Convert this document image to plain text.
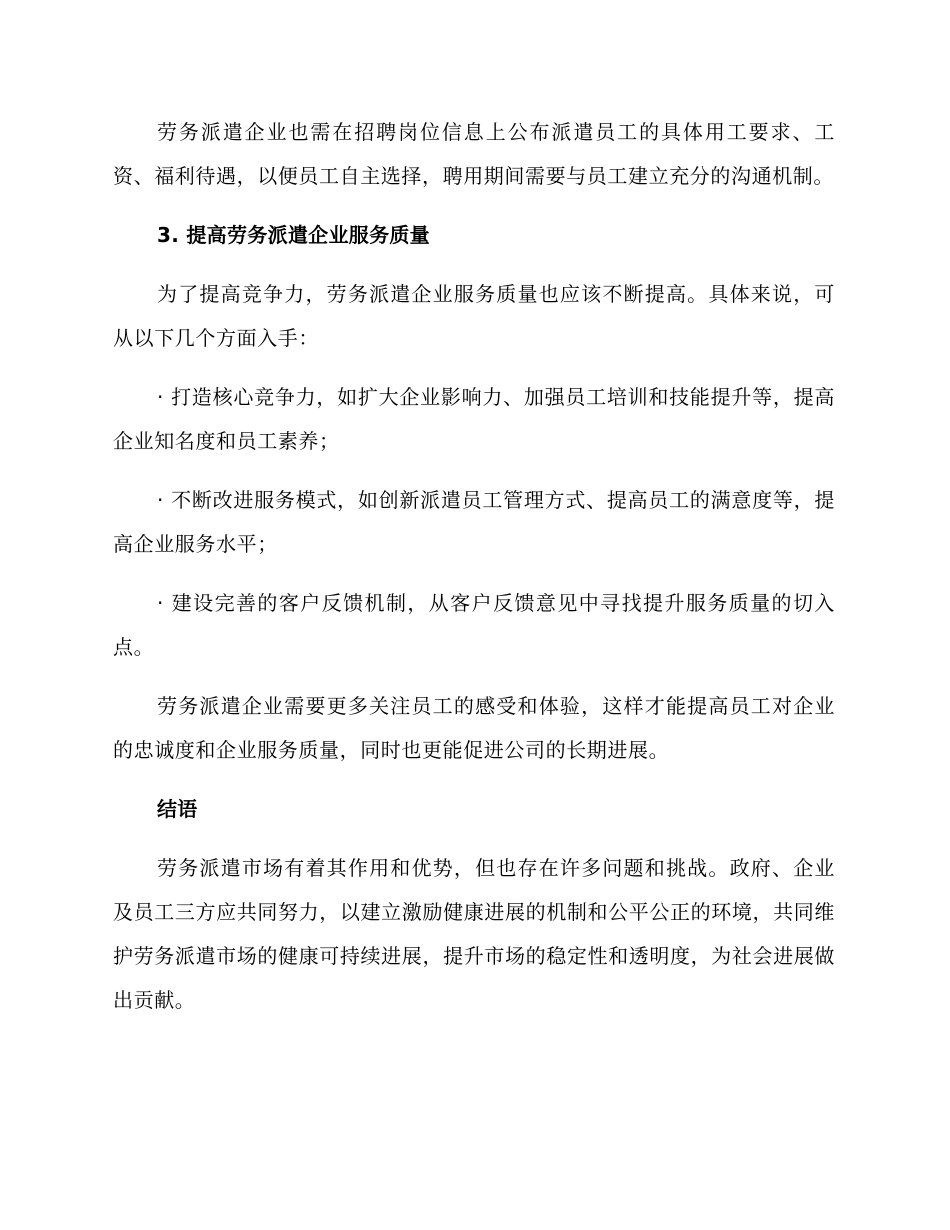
劳务派遣企业也需在招聘岗位信息上公布派遣员工的具体用工要求、工资、福利待遇，以便员工自主选择，聘用期间需要与员工建立充分的沟通机制。

3. 提高劳务派遣企业服务质量

为了提高竞争力，劳务派遣企业服务质量也应该不断提高。具体来说，可从以下几个方面入手：

· 打造核心竞争力，如扩大企业影响力、加强员工培训和技能提升等，提高企业知名度和员工素养；

· 不断改进服务模式，如创新派遣员工管理方式、提高员工的满意度等，提高企业服务水平；

· 建设完善的客户反馈机制，从客户反馈意见中寻找提升服务质量的切入点。

劳务派遣企业需要更多关注员工的感受和体验，这样才能提高员工对企业的忠诚度和企业服务质量，同时也更能促进公司的长期进展。

结语

劳务派遣市场有着其作用和优势，但也存在许多问题和挑战。政府、企业及员工三方应共同努力，以建立激励健康进展的机制和公平公正的环境，共同维护劳务派遣市场的健康可持续进展，提升市场的稳定性和透明度，为社会进展做出贡献。
